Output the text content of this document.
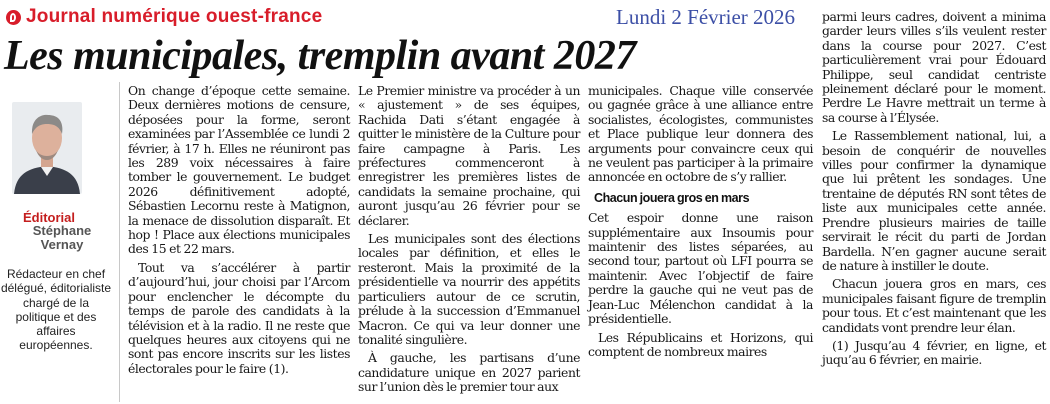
Journal numérique ouest-france	Lundi 2 Février 2026
Les municipales, tremplin avant 2027
Éditorial
Stéphane
Vernay
Rédacteur en chef délégué, éditorialiste chargé de la politique et des affaires européennes.

On change d’époque cette semaine. Deux dernières motions de censure, déposées pour la forme, seront examinées par l’Assemblée ce lundi 2 février, à 17 h. Elles ne réuniront pas les 289 voix nécessaires à faire tomber le gouvernement. Le budget 2026 définitivement adopté, Sébastien Lecornu reste à Matignon, la menace de dissolution disparaît. Et hop ! Place aux élections municipales des 15 et 22 mars.

Tout va s’accélérer à partir d’aujourd’hui, jour choisi par l’Arcom pour enclencher le décompte du temps de parole des candidats à la télévision et à la radio. Il ne reste que quelques heures aux citoyens qui ne sont pas encore inscrits sur les listes électorales pour le faire (1).

Le Premier ministre va procéder à un « ajustement » de ses équipes, Rachida Dati s’étant engagée à quitter le ministère de la Culture pour faire campagne à Paris. Les préfectures commenceront à enregistrer les premières listes de candidats la semaine prochaine, qui auront jusqu’au 26 février pour se déclarer.

Les municipales sont des élections locales par définition, et elles le resteront. Mais la proximité de la présidentielle va nourrir des appétits particuliers autour de ce scrutin, prélude à la succession d’Emmanuel Macron. Ce qui va leur donner une tonalité singulière.

À gauche, les partisans d’une candidature unique en 2027 parient sur l’union dès le premier tour aux

municipales. Chaque ville conservée ou gagnée grâce à une alliance entre socialistes, écologistes, communistes et Place publique leur donnera des arguments pour convaincre ceux qui ne veulent pas participer à la primaire annoncée en octobre de s’y rallier.

Chacun jouera gros en mars

Cet espoir donne une raison supplémentaire aux Insoumis pour maintenir des listes séparées, au second tour, partout où LFI pourra se maintenir. Avec l’objectif de faire perdre la gauche qui ne veut pas de Jean-Luc Mélenchon candidat à la présidentielle.

Les Républicains et Horizons, qui comptent de nombreux maires

parmi leurs cadres, doivent a minima garder leurs villes s’ils veulent rester dans la course pour 2027. C’est particulièrement vrai pour Édouard Philippe, seul candidat centriste pleinement déclaré pour le moment. Perdre Le Havre mettrait un terme à sa course à l’Élysée.

Le Rassemblement national, lui, a besoin de conquérir de nouvelles villes pour confirmer la dynamique que lui prêtent les sondages. Une trentaine de députés RN sont têtes de liste aux municipales cette année. Prendre plusieurs mairies de taille servirait le récit du parti de Jordan Bardella. N’en gagner aucune serait de nature à instiller le doute.

Chacun jouera gros en mars, ces municipales faisant figure de tremplin pour tous. Et c’est maintenant que les candidats vont prendre leur élan.

(1) Jusqu’au 4 février, en ligne, et juqu’au 6 février, en mairie.
